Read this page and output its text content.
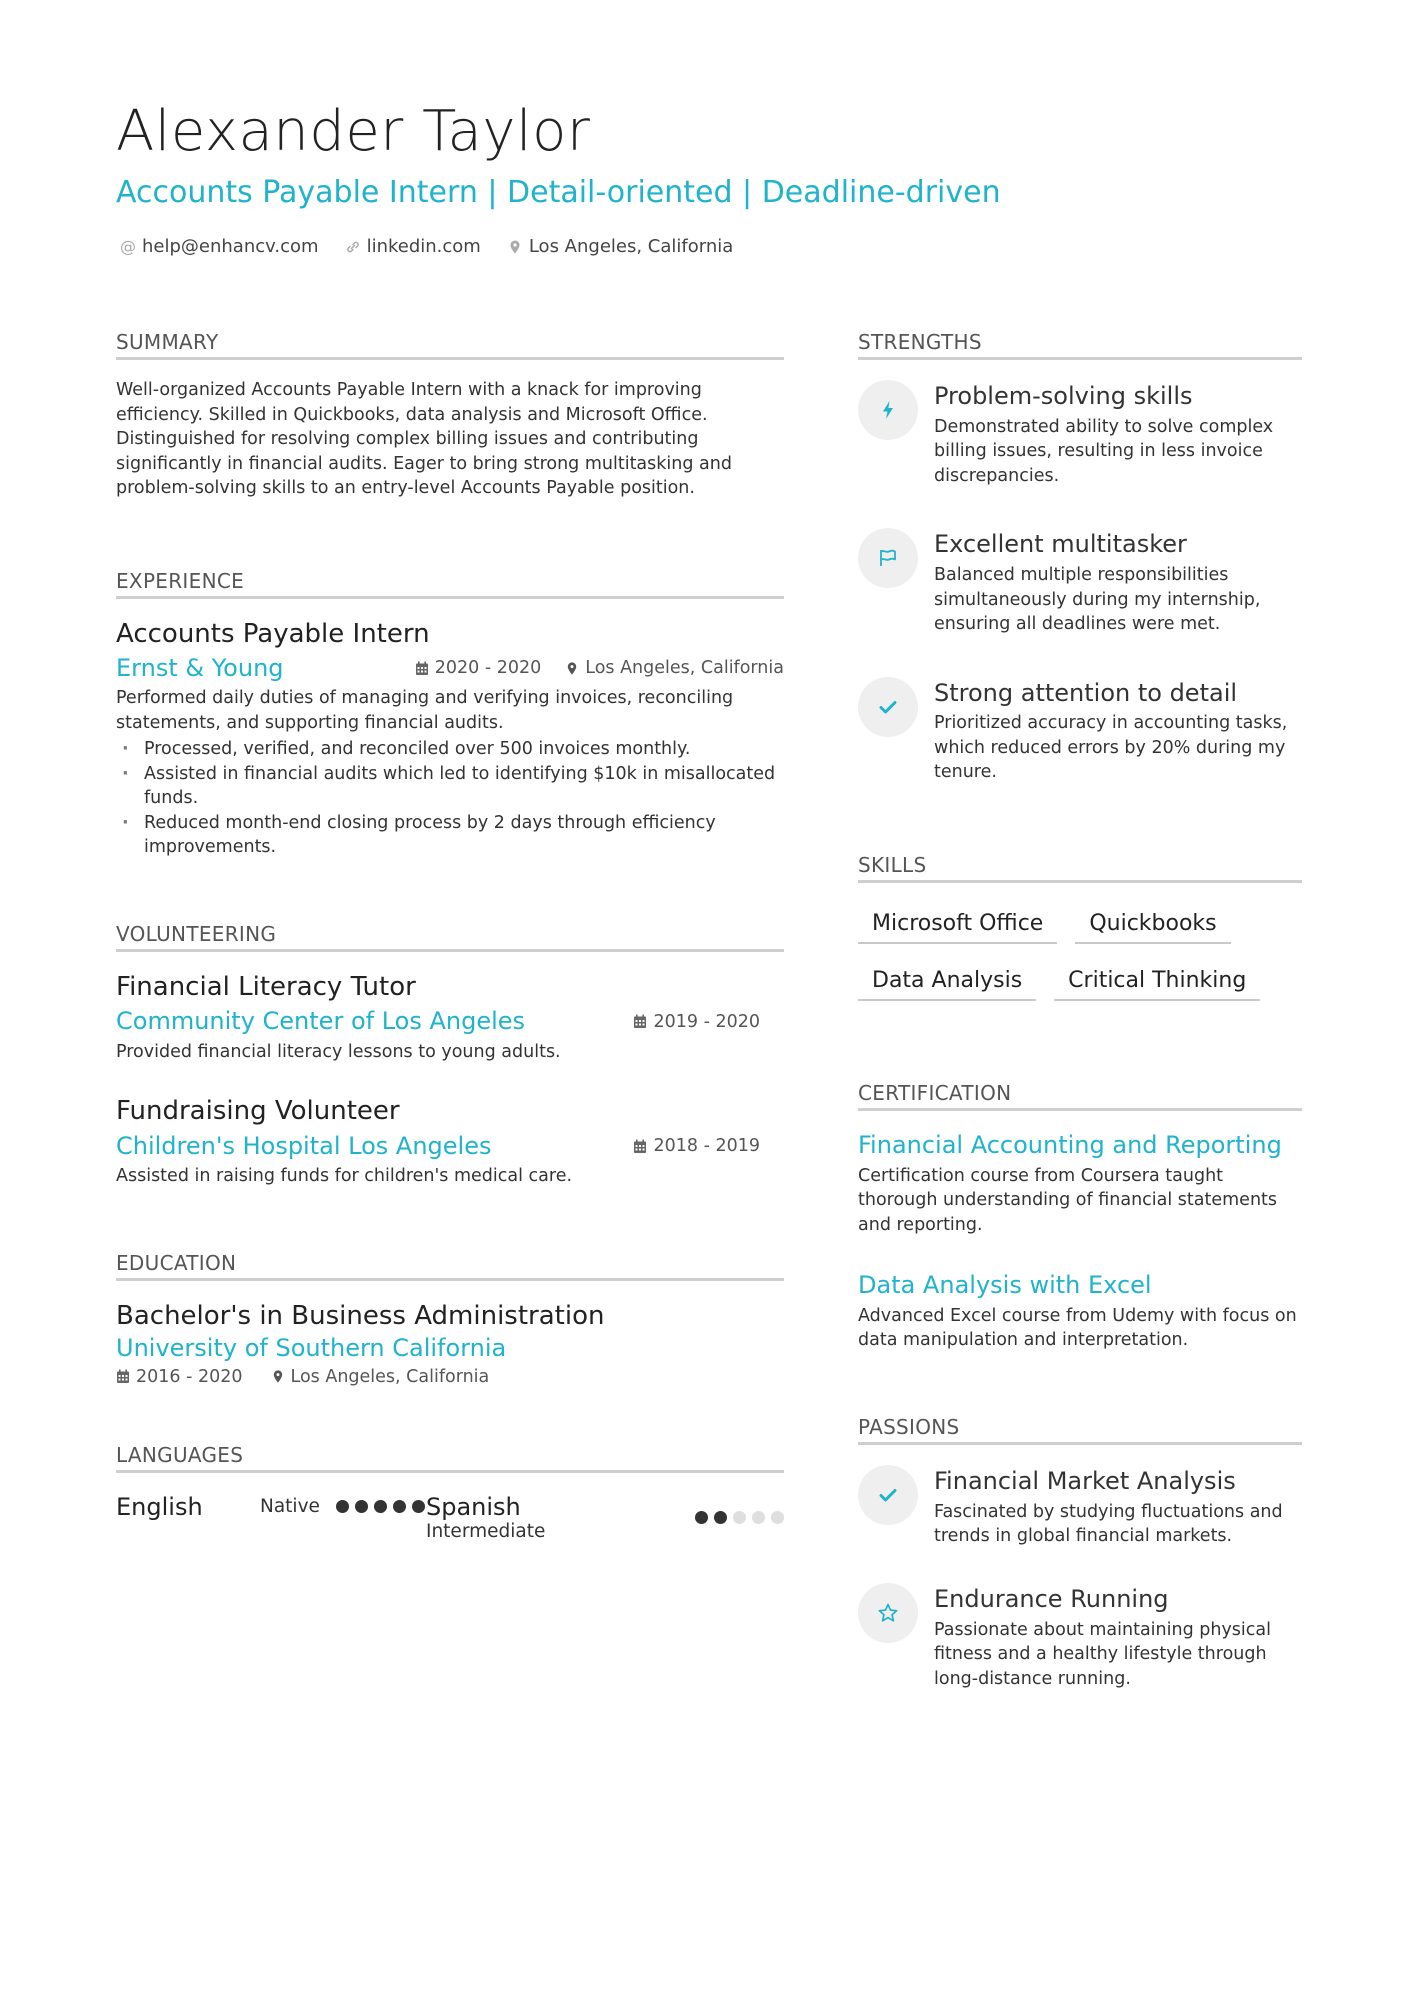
Alexander Taylor
Accounts Payable Intern | Detail-oriented | Deadline-driven
@ help@enhancv.com	linkedin.com	Los Angeles, California
SUMMARY
Well-organized Accounts Payable Intern with a knack for improving efficiency. Skilled in Quickbooks, data analysis and Microsoft Office. Distinguished for resolving complex billing issues and contributing significantly in financial audits. Eager to bring strong multitasking and problem-solving skills to an entry-level Accounts Payable position.
EXPERIENCE
Accounts Payable Intern
Ernst & Young	2020 - 2020	Los Angeles, California
Performed daily duties of managing and verifying invoices, reconciling statements, and supporting financial audits.
· Processed, verified, and reconciled over 500 invoices monthly.
· Assisted in financial audits which led to identifying $10k in misallocated funds.
· Reduced month-end closing process by 2 days through efficiency improvements.
VOLUNTEERING
Financial Literacy Tutor
Community Center of Los Angeles	2019 - 2020
Provided financial literacy lessons to young adults.
Fundraising Volunteer
Children's Hospital Los Angeles	2018 - 2019
Assisted in raising funds for children's medical care.
EDUCATION
Bachelor's in Business Administration
University of Southern California
2016 - 2020	Los Angeles, California
LANGUAGES
English	Native	Spanish
Intermediate
STRENGTHS
Problem-solving skills
Demonstrated ability to solve complex billing issues, resulting in less invoice discrepancies.
Excellent multitasker
Balanced multiple responsibilities simultaneously during my internship, ensuring all deadlines were met.
Strong attention to detail
Prioritized accuracy in accounting tasks, which reduced errors by 20% during my tenure.
SKILLS
Microsoft Office	Quickbooks
Data Analysis	Critical Thinking
CERTIFICATION
Financial Accounting and Reporting
Certification course from Coursera taught thorough understanding of financial statements and reporting.
Data Analysis with Excel
Advanced Excel course from Udemy with focus on data manipulation and interpretation.
PASSIONS
Financial Market Analysis
Fascinated by studying fluctuations and trends in global financial markets.
Endurance Running
Passionate about maintaining physical fitness and a healthy lifestyle through long-distance running.
